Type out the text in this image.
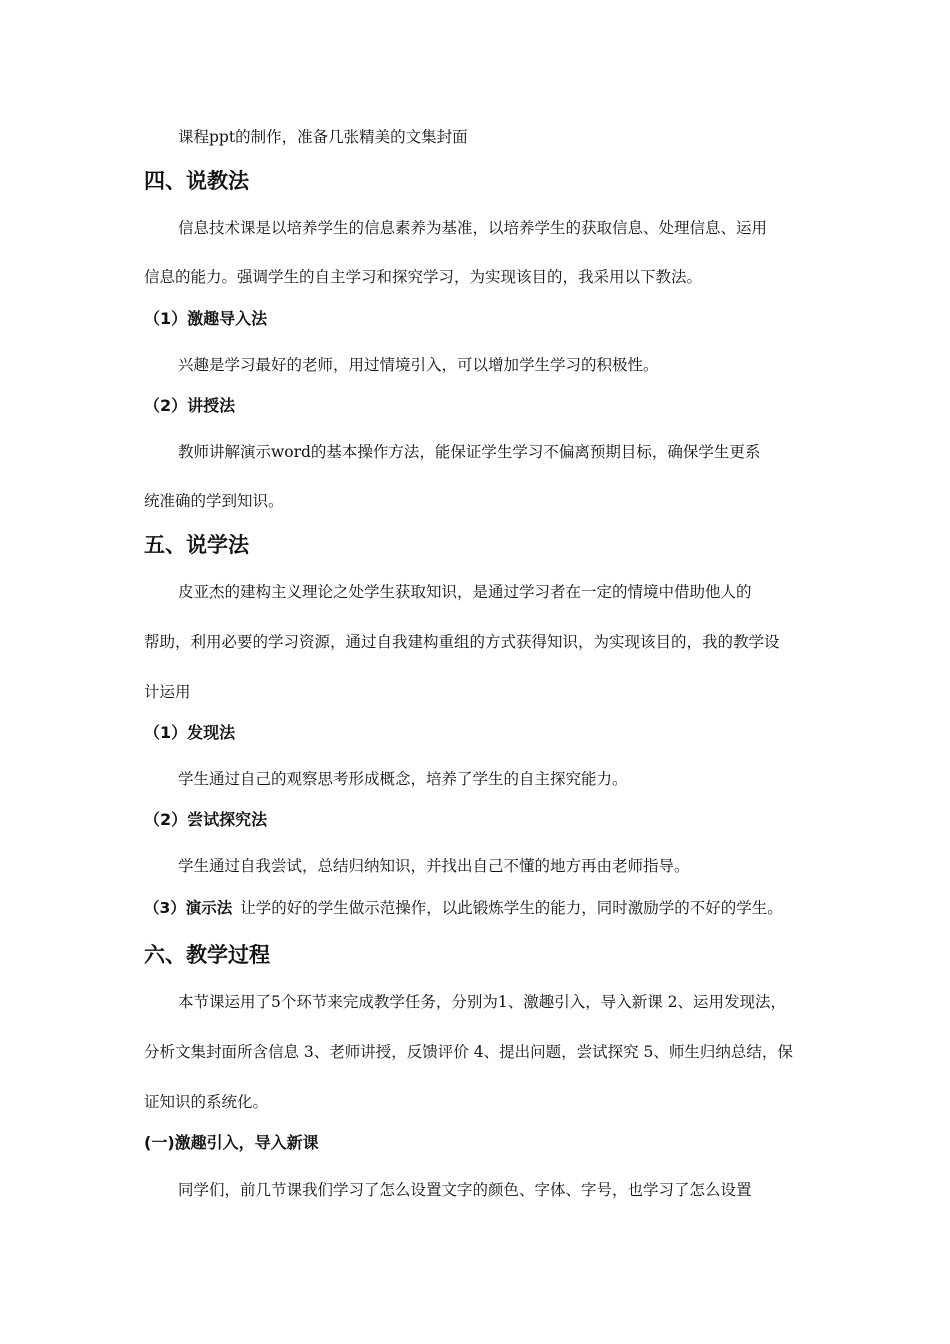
课程ppt的制作，准备几张精美的文集封面
四、说教法
信息技术课是以培养学生的信息素养为基准，以培养学生的获取信息、处理信息、运用
信息的能力。强调学生的自主学习和探究学习，为实现该目的，我采用以下教法。
（1）激趣导入法
兴趣是学习最好的老师，用过情境引入，可以增加学生学习的积极性。
（2）讲授法
教师讲解演示word的基本操作方法，能保证学生学习不偏离预期目标，确保学生更系
统准确的学到知识。
五、说学法
皮亚杰的建构主义理论之处学生获取知识，是通过学习者在一定的情境中借助他人的
帮助，利用必要的学习资源，通过自我建构重组的方式获得知识，为实现该目的，我的教学设
计运用
（1）发现法
学生通过自己的观察思考形成概念，培养了学生的自主探究能力。
（2）尝试探究法
学生通过自我尝试，总结归纳知识，并找出自己不懂的地方再由老师指导。
（3）演示法 让学的好的学生做示范操作，以此锻炼学生的能力，同时激励学的不好的学生。
六、教学过程
本节课运用了5个环节来完成教学任务，分别为1、激趣引入，导入新课 2、运用发现法，
分析文集封面所含信息 3、老师讲授，反馈评价 4、提出问题，尝试探究 5、师生归纳总结，保
证知识的系统化。
(一)激趣引入，导入新课
同学们，前几节课我们学习了怎么设置文字的颜色、字体、字号，也学习了怎么设置
